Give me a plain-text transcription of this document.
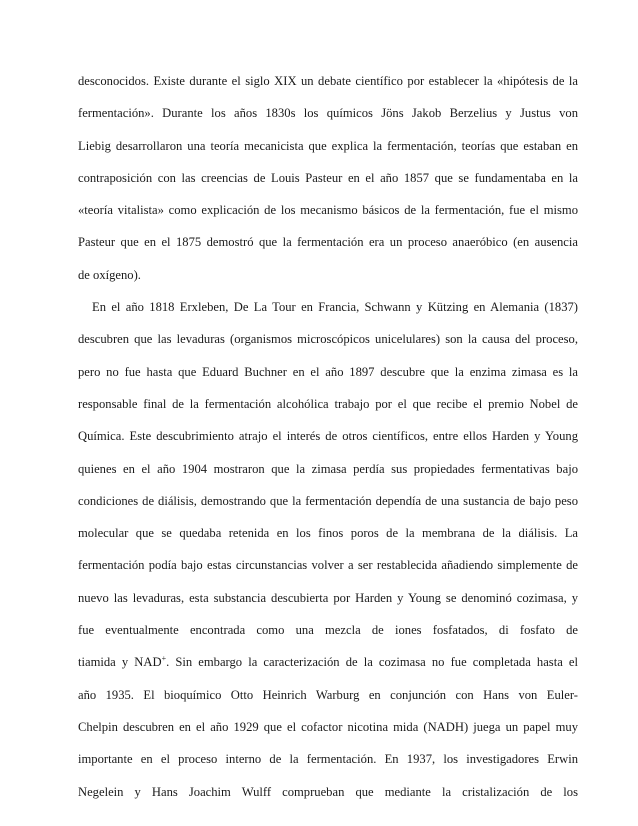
desconocidos. Existe durante el siglo XIX un debate científico por establecer la «hipótesis de la
fermentación». Durante los años 1830s los químicos Jöns Jakob Berzelius y Justus von
Liebig desarrollaron una teoría mecanicista que explica la fermentación, teorías que estaban en
contraposición con las creencias de Louis Pasteur en el año 1857 que se fundamentaba en la
«teoría vitalista» como explicación de los mecanismo básicos de la fermentación, fue el mismo
Pasteur que en el 1875 demostró que la fermentación era un proceso anaeróbico (en ausencia
de oxígeno).
En el año 1818 Erxleben, De La Tour en Francia, Schwann y Kützing en Alemania (1837)
descubren que las levaduras (organismos microscópicos unicelulares) son la causa del proceso,
pero no fue hasta que Eduard Buchner en el año 1897 descubre que la enzima zimasa es la
responsable final de la fermentación alcohólica trabajo por el que recibe el premio Nobel de
Química. Este descubrimiento atrajo el interés de otros científicos, entre ellos Harden y Young
quienes en el año 1904 mostraron que la zimasa perdía sus propiedades fermentativas bajo
condiciones de diálisis, demostrando que la fermentación dependía de una sustancia de bajo peso
molecular que se quedaba retenida en los finos poros de la membrana de la diálisis. La
fermentación podía bajo estas circunstancias volver a ser restablecida añadiendo simplemente de
nuevo las levaduras, esta substancia descubierta por Harden y Young se denominó cozimasa, y
fue eventualmente encontrada como una mezcla de iones fosfatados, di fosfato de
tiamida y NAD+. Sin embargo la caracterización de la cozimasa no fue completada hasta el
año 1935. El bioquímico Otto Heinrich Warburg en conjunción con Hans von Euler-
Chelpin descubren en el año 1929 que el cofactor nicotina mida (NADH) juega un papel muy
importante en el proceso interno de la fermentación. En 1937, los investigadores Erwin
Negelein y Hans Joachim Wulff comprueban que mediante la cristalización de los
